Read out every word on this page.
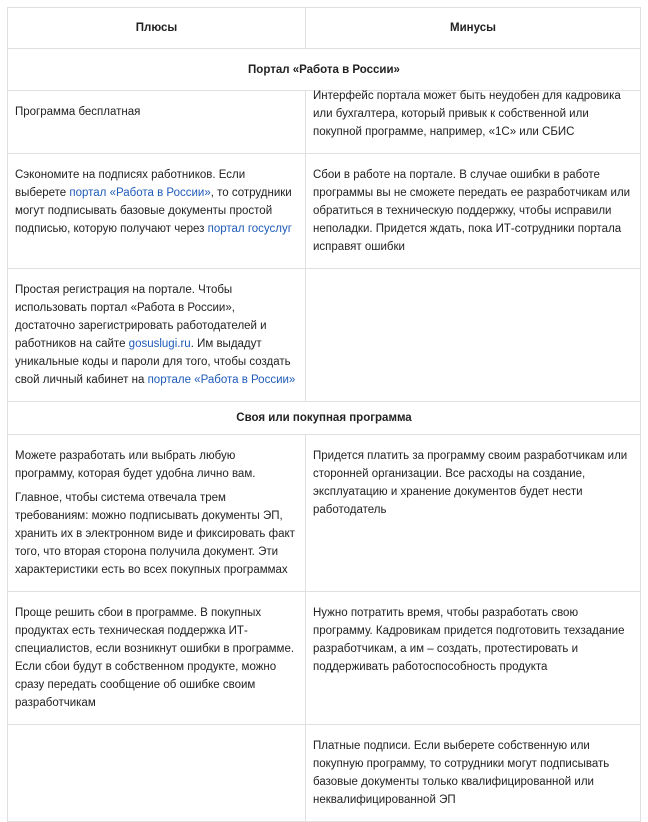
Плюсы	Минусы
Портал «Работа в России»	

Программа бесплатная	Интерфейс портала может быть неудобен для кадровика или бухгалтера, который привык к собственной или покупной программе, например, «1С» или СБИС

Сэкономите на подписях работников. Если выберете портал «Работа в России», то сотрудники могут подписывать базовые документы простой подписью, которую получают через портал госуслуг	Сбои в работе на портале. В случае ошибки в работе программы вы не сможете передать ее разработчикам или обратиться в техническую поддержку, чтобы исправили неполадки. Придется ждать, пока ИТ-сотрудники портала исправят ошибки

Простая регистрация на портале. Чтобы использовать портал «Работа в России», достаточно зарегистрировать работодателей и работников на сайте gosuslugi.ru. Им выдадут уникальные коды и пароли для того, чтобы создать свой личный кабинет на портале «Работа в России»	

Своя или покупная программа	

Можете разработать или выбрать любую программу, которая будет удобна лично вам.

Главное, чтобы система отвечала трем требованиям: можно подписывать документы ЭП, хранить их в электронном виде и фиксировать факт того, что вторая сторона получила документ. Эти характеристики есть во всех покупных программах	Придется платить за программу своим разработчикам или сторонней организации. Все расходы на создание, эксплуатацию и хранение документов будет нести работодатель

Проще решить сбои в программе. В покупных продуктах есть техническая поддержка ИТ-специалистов, если возникнут ошибки в программе. Если сбои будут в собственном продукте, можно сразу передать сообщение об ошибке своим разработчикам	Нужно потратить время, чтобы разработать свою программу. Кадровикам придется подготовить техзадание разработчикам, а им – создать, протестировать и поддерживать работоспособность продукта

	Платные подписи. Если выберете собственную или покупную программу, то сотрудники могут подписывать базовые документы только квалифицированной или неквалифицированной ЭП
